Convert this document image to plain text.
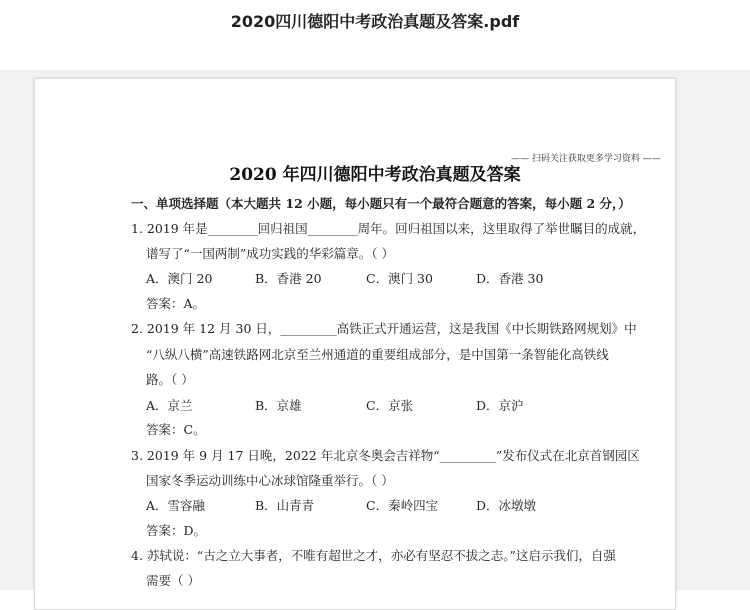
2020四川德阳中考政治真题及答案.pdf
—— 扫码关注获取更多学习资料 ——
2020 年四川德阳中考政治真题及答案
一、单项选择题（本大题共 12 小题，每小题只有一个最符合题意的答案，每小题 2 分，）
1. 2019 年是________回归祖国________周年。回归祖国以来，这里取得了举世瞩目的成就，
谱写了“一国两制”成功实践的华彩篇章。（ ）
A．澳门 20	B．香港 20	C．澳门 30	D．香港 30
答案：A。
2. 2019 年 12 月 30 日，_________高铁正式开通运营，这是我国《中长期铁路网规划》中
“八纵八横”高速铁路网北京至兰州通道的重要组成部分，是中国第一条智能化高铁线
路。（ ）
A．京兰	B．京雄	C．京张	D．京沪
答案：C。
3. 2019 年 9 月 17 日晚，2022 年北京冬奥会吉祥物“_________”发布仪式在北京首钢园区
国家冬季运动训练中心冰球馆隆重举行。（ ）
A．雪容融	B．山青青	C．秦岭四宝	D．冰墩墩
答案：D。
4. 苏轼说：“古之立大事者，不唯有超世之才，亦必有坚忍不拔之志。”这启示我们，自强
需要（ ）
